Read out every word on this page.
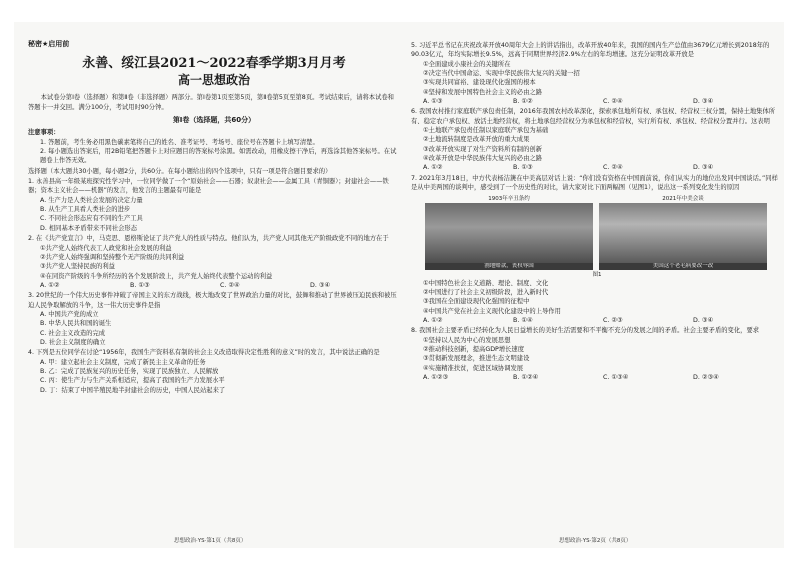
秘密★启用前
永善、绥江县2021～2022春季学期3月月考
高一思想政治
本试卷分第Ⅰ卷（选择题）和第Ⅱ卷（非选择题）两部分。第Ⅰ卷第1页至第5页，第Ⅱ卷第5页至第8页。考试结束后，请将本试卷和答题卡一并交回。满分100分，考试用时90分钟。
第Ⅰ卷（选择题，共60分）
注意事项：
1. 答题前，考生务必用黑色碳素笔将自己的姓名、准考证号、考场号、座位号在答题卡上填写清楚。
2. 每小题选出答案后，用2B铅笔把答题卡上对应题目的答案标号涂黑。如需改动，用橡皮擦干净后，再选涂其他答案标号。在试题卷上作答无效。
选择题（本大题共30小题，每小题2分，共60分。在每小题给出的四个选项中，只有一项是符合题目要求的）
1. 永善县高一年级某班探究性学习中，一位同学做了一个“原始社会——石器；奴隶社会——金属工具（青铜器）；封建社会——铁器；资本主义社会——机器”的发言，他发言的主题最有可能是
A. 生产力是人类社会发展的决定力量
B. 从生产工具看人类社会的进步
C. 不同社会形态应有不同的生产工具
D. 相同基本矛盾带来不同社会形态
2. 在《共产党宣言》中，马克思、恩格斯论证了共产党人的性质与特点。他们认为，共产党人同其他无产阶级政党不同的地方在于
①共产党人始终代表工人政党和社会发展的利益
②共产党人始终强调和坚持整个无产阶级的共同利益
③共产党人坚持民族的利益
④在同资产阶级的斗争所经历的各个发展阶段上，共产党人始终代表整个运动的利益
A. ①②	B. ①③	C. ②④	D. ③④
3. 20世纪的一个伟大历史事件冲破了帝国主义的东方战线，极大地改变了世界政治力量的对比，鼓舞和推动了世界被压迫民族和被压迫人民争取解放的斗争，这一伟大历史事件是指
A. 中国共产党的成立
B. 中华人民共和国的诞生
C. 社会主义改造的完成
D. 社会主义制度的确立
4. 下列是五位同学在讨论“1956年，我国生产资料私有制的社会主义改造取得决定性胜利的意义”时的发言，其中说法正确的是
A. 甲：建立起社会主义制度，完成了新民主主义革命的任务
B. 乙：完成了民族复兴的历史任务，实现了民族独立、人民解放
C. 丙：使生产力与生产关系相适应，提高了我国的生产力发展水平
D. 丁：结束了中国半殖民地半封建社会的历史，中国人民站起来了
5. 习近平总书记在庆祝改革开放40周年大会上的讲话指出，改革开放40年来，我国的国内生产总值由3679亿元增长到2018年的90.03亿元，年均实际增长9.5%，远高于同期世界经济2.9%左右的年均增速。这充分证明改革开放是
①全面建成小康社会的关键所在
②决定当代中国命运、实现中华民族伟大复兴的关键一招
③实现共同富裕、建设现代化强国的根本
④坚持和发展中国特色社会主义的必由之路
A. ①③	B. ①②	C. ②④	D. ③④
6. 我国农村推行家庭联产承包责任制，2016年我国农村改革深化，探索承包地所有权、承包权、经营权三权分置，保持土地集体所有、稳定农户承包权、放活土地经营权，将土地承包经营权分为承包权和经营权，实行所有权、承包权、经营权分置并行。这表明
①土地联产承包责任制以家庭联产承包为基础
②土地流转制度是改革开放的重大成果
③改革开放实现了对生产资料所有制的创新
④改革开放是中华民族伟大复兴的必由之路
A. ①②	B. ①③	C. ②④	D. ③④
7. 2021年3月18日，中方代表杨洁篪在中美高层对话上说：“你们没有资格在中国面前说，你们从实力的地位出发同中国谈话。”同样是从中美两国的谈判中，感受到了一个历史性的对比，请大家对比下面两幅图（见图1），说出这一系列变化发生的原因
1903年辛丑条约
割地赔款，丧权辱国
2021年中美会谈
美国这个老毛病要改一改
图1
①中国特色社会主义道路、理论、制度、文化
②中国进行了社会主义初级阶段，进入新时代
③我国在全面建设现代化强国的征程中
④中国共产党在社会主义现代化建设中的上导作用
A. ①②	B. ①④	C. ②③	D. ③④
8. 我国社会主要矛盾已经转化为人民日益增长的美好生活需要和不平衡不充分的发展之间的矛盾。社会主要矛盾的变化，要求
①坚持以人民为中心的发展思想
②推动科技创新，提高GDP增长速度
③贯彻新发展理念，推进生态文明建设
④实施精准扶贫，促进区域协调发展
A. ①②③	B. ①②④	C. ①③④	D. ②③④
思想政治·YS·第1页（共8页）	思想政治·YS·第2页（共8页）
